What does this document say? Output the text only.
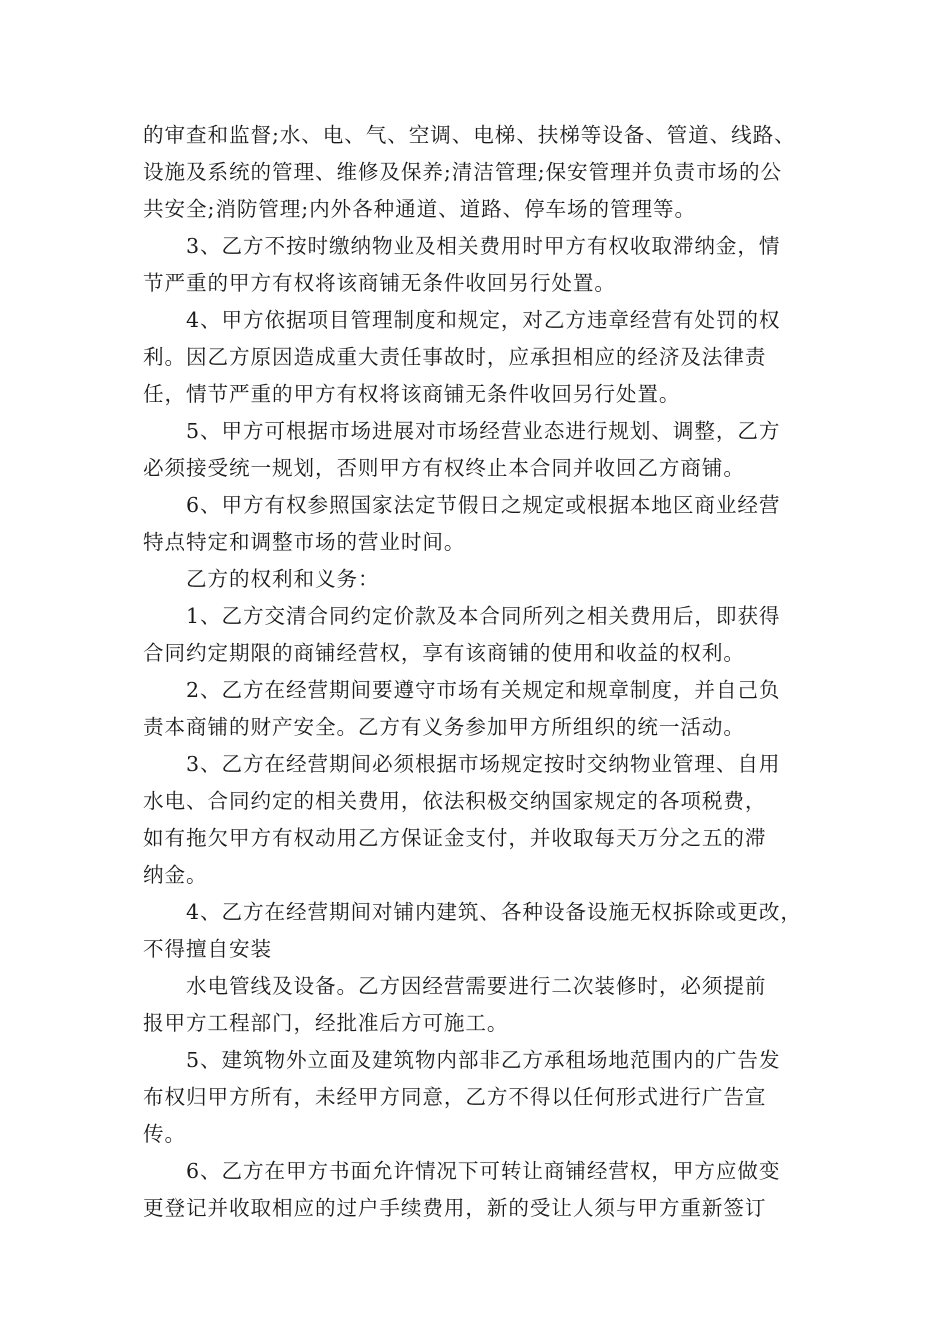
的审查和监督;水、电、气、空调、电梯、扶梯等设备、管道、线路、
设施及系统的管理、维修及保养;清洁管理;保安管理并负责市场的公
共安全;消防管理;内外各种通道、道路、停车场的管理等。
3、乙方不按时缴纳物业及相关费用时甲方有权收取滞纳金，情
节严重的甲方有权将该商铺无条件收回另行处置。
4、甲方依据项目管理制度和规定，对乙方违章经营有处罚的权
利。因乙方原因造成重大责任事故时，应承担相应的经济及法律责
任，情节严重的甲方有权将该商铺无条件收回另行处置。
5、甲方可根据市场进展对市场经营业态进行规划、调整，乙方
必须接受统一规划，否则甲方有权终止本合同并收回乙方商铺。
6、甲方有权参照国家法定节假日之规定或根据本地区商业经营
特点特定和调整市场的营业时间。
乙方的权利和义务：
1、乙方交清合同约定价款及本合同所列之相关费用后，即获得
合同约定期限的商铺经营权，享有该商铺的使用和收益的权利。
2、乙方在经营期间要遵守市场有关规定和规章制度，并自己负
责本商铺的财产安全。乙方有义务参加甲方所组织的统一活动。
3、乙方在经营期间必须根据市场规定按时交纳物业管理、自用
水电、合同约定的相关费用，依法积极交纳国家规定的各项税费，
如有拖欠甲方有权动用乙方保证金支付，并收取每天万分之五的滞
纳金。
4、乙方在经营期间对铺内建筑、各种设备设施无权拆除或更改，
不得擅自安装
水电管线及设备。乙方因经营需要进行二次装修时，必须提前
报甲方工程部门，经批准后方可施工。
5、建筑物外立面及建筑物内部非乙方承租场地范围内的广告发
布权归甲方所有，未经甲方同意，乙方不得以任何形式进行广告宣
传。
6、乙方在甲方书面允许情况下可转让商铺经营权，甲方应做变
更登记并收取相应的过户手续费用，新的受让人须与甲方重新签订
